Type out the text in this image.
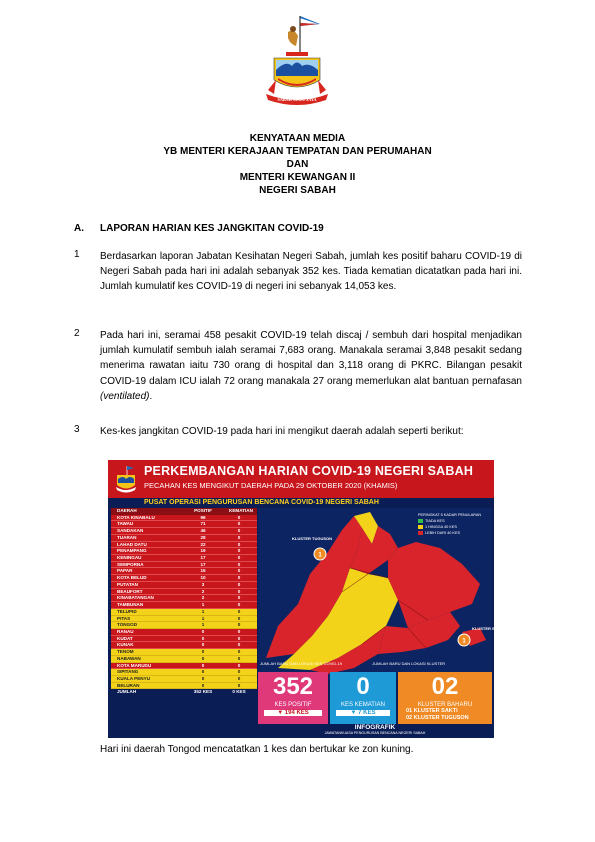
SABAH MAJU JAYA
KENYATAAN MEDIA
YB MENTERI KERAJAAN TEMPATAN DAN PERUMAHAN
DAN
MENTERI KEWANGAN II
NEGERI SABAH
A. LAPORAN HARIAN KES JANGKITAN COVID-19
1 Berdasarkan laporan Jabatan Kesihatan Negeri Sabah, jumlah kes positif baharu COVID-19 di Negeri Sabah pada hari ini adalah sebanyak 352 kes. Tiada kematian dicatatkan pada hari ini. Jumlah kumulatif kes COVID-19 di negeri ini sebanyak 14,053 kes.
2 Pada hari ini, seramai 458 pesakit COVID-19 telah discaj / sembuh dari hospital menjadikan jumlah kumulatif sembuh ialah seramai 7,683 orang. Manakala seramai 3,848 pesakit sedang menerima rawatan iaitu 730 orang di hospital dan 3,118 orang di PKRC. Bilangan pesakit COVID-19 dalam ICU ialah 72 orang manakala 27 orang memerlukan alat bantuan pernafasan (ventilated).
3 Kes-kes jangkitan COVID-19 pada hari ini mengikut daerah adalah seperti berikut:
PERKEMBANGAN HARIAN COVID-19 NEGERI SABAH
PECAHAN KES MENGIKUT DAERAH PADA 29 OKTOBER 2020 (KHAMIS)
PUSAT OPERASI PENGURUSAN BENCANA COVID-19 NEGERI SABAH
DAERAH	POSITIF	KEMATIAN
KOTA KINABALU	96	0
TAWAU	71	0
SANDAKAN	46	0
TUARAN	28	0
LAHAD DATU	22	0
PENAMPANG	19	0
KENINGAU	17	0
SEMPORNA	17	0
PAPAR	15	0
KOTA BELUD	10	0
PUTATAN	3	0
BEAUFORT	2	0
KINABATANGAN	2	0
TAMBUNAN	1	0
TELUPID	1	0
PITAS	1	0
TONGOD	1	0
RANAU	0	0
KUDAT	0	0
KUNAK	0	0
TENOM	0	0
NABAWAN	0	0
KOTA MARUDU	0	0
SIPITANG	0	0
KUALA PENYU	0	0
BELURAN	0	0
JUMLAH	352 KES	0 KES
1
KLUSTER TUGUSON
1
KLUSTER SAKTI
PERINGKAT 5 KADAR PENULARAN
TIADA KES
1 HINGGA 40 KES
LEBIH DARI 40 KES
JUMLAH BARU DAN LOKASI KES COVID-19	JUMLAH BARU DAN LOKASI KLUSTER
352
KES POSITIF
▼ 194 KES
0
KES KEMATIAN
▼ 7 KES
02
KLUSTER BAHARU
01 KLUSTER SAKTI
02 KLUSTER TUGUSON
INFOGRAFIK
JAWATANKUASA PENGURUSAN BENCANA NEGERI SABAH
Hari ini daerah Tongod mencatatkan 1 kes dan bertukar ke zon kuning.
